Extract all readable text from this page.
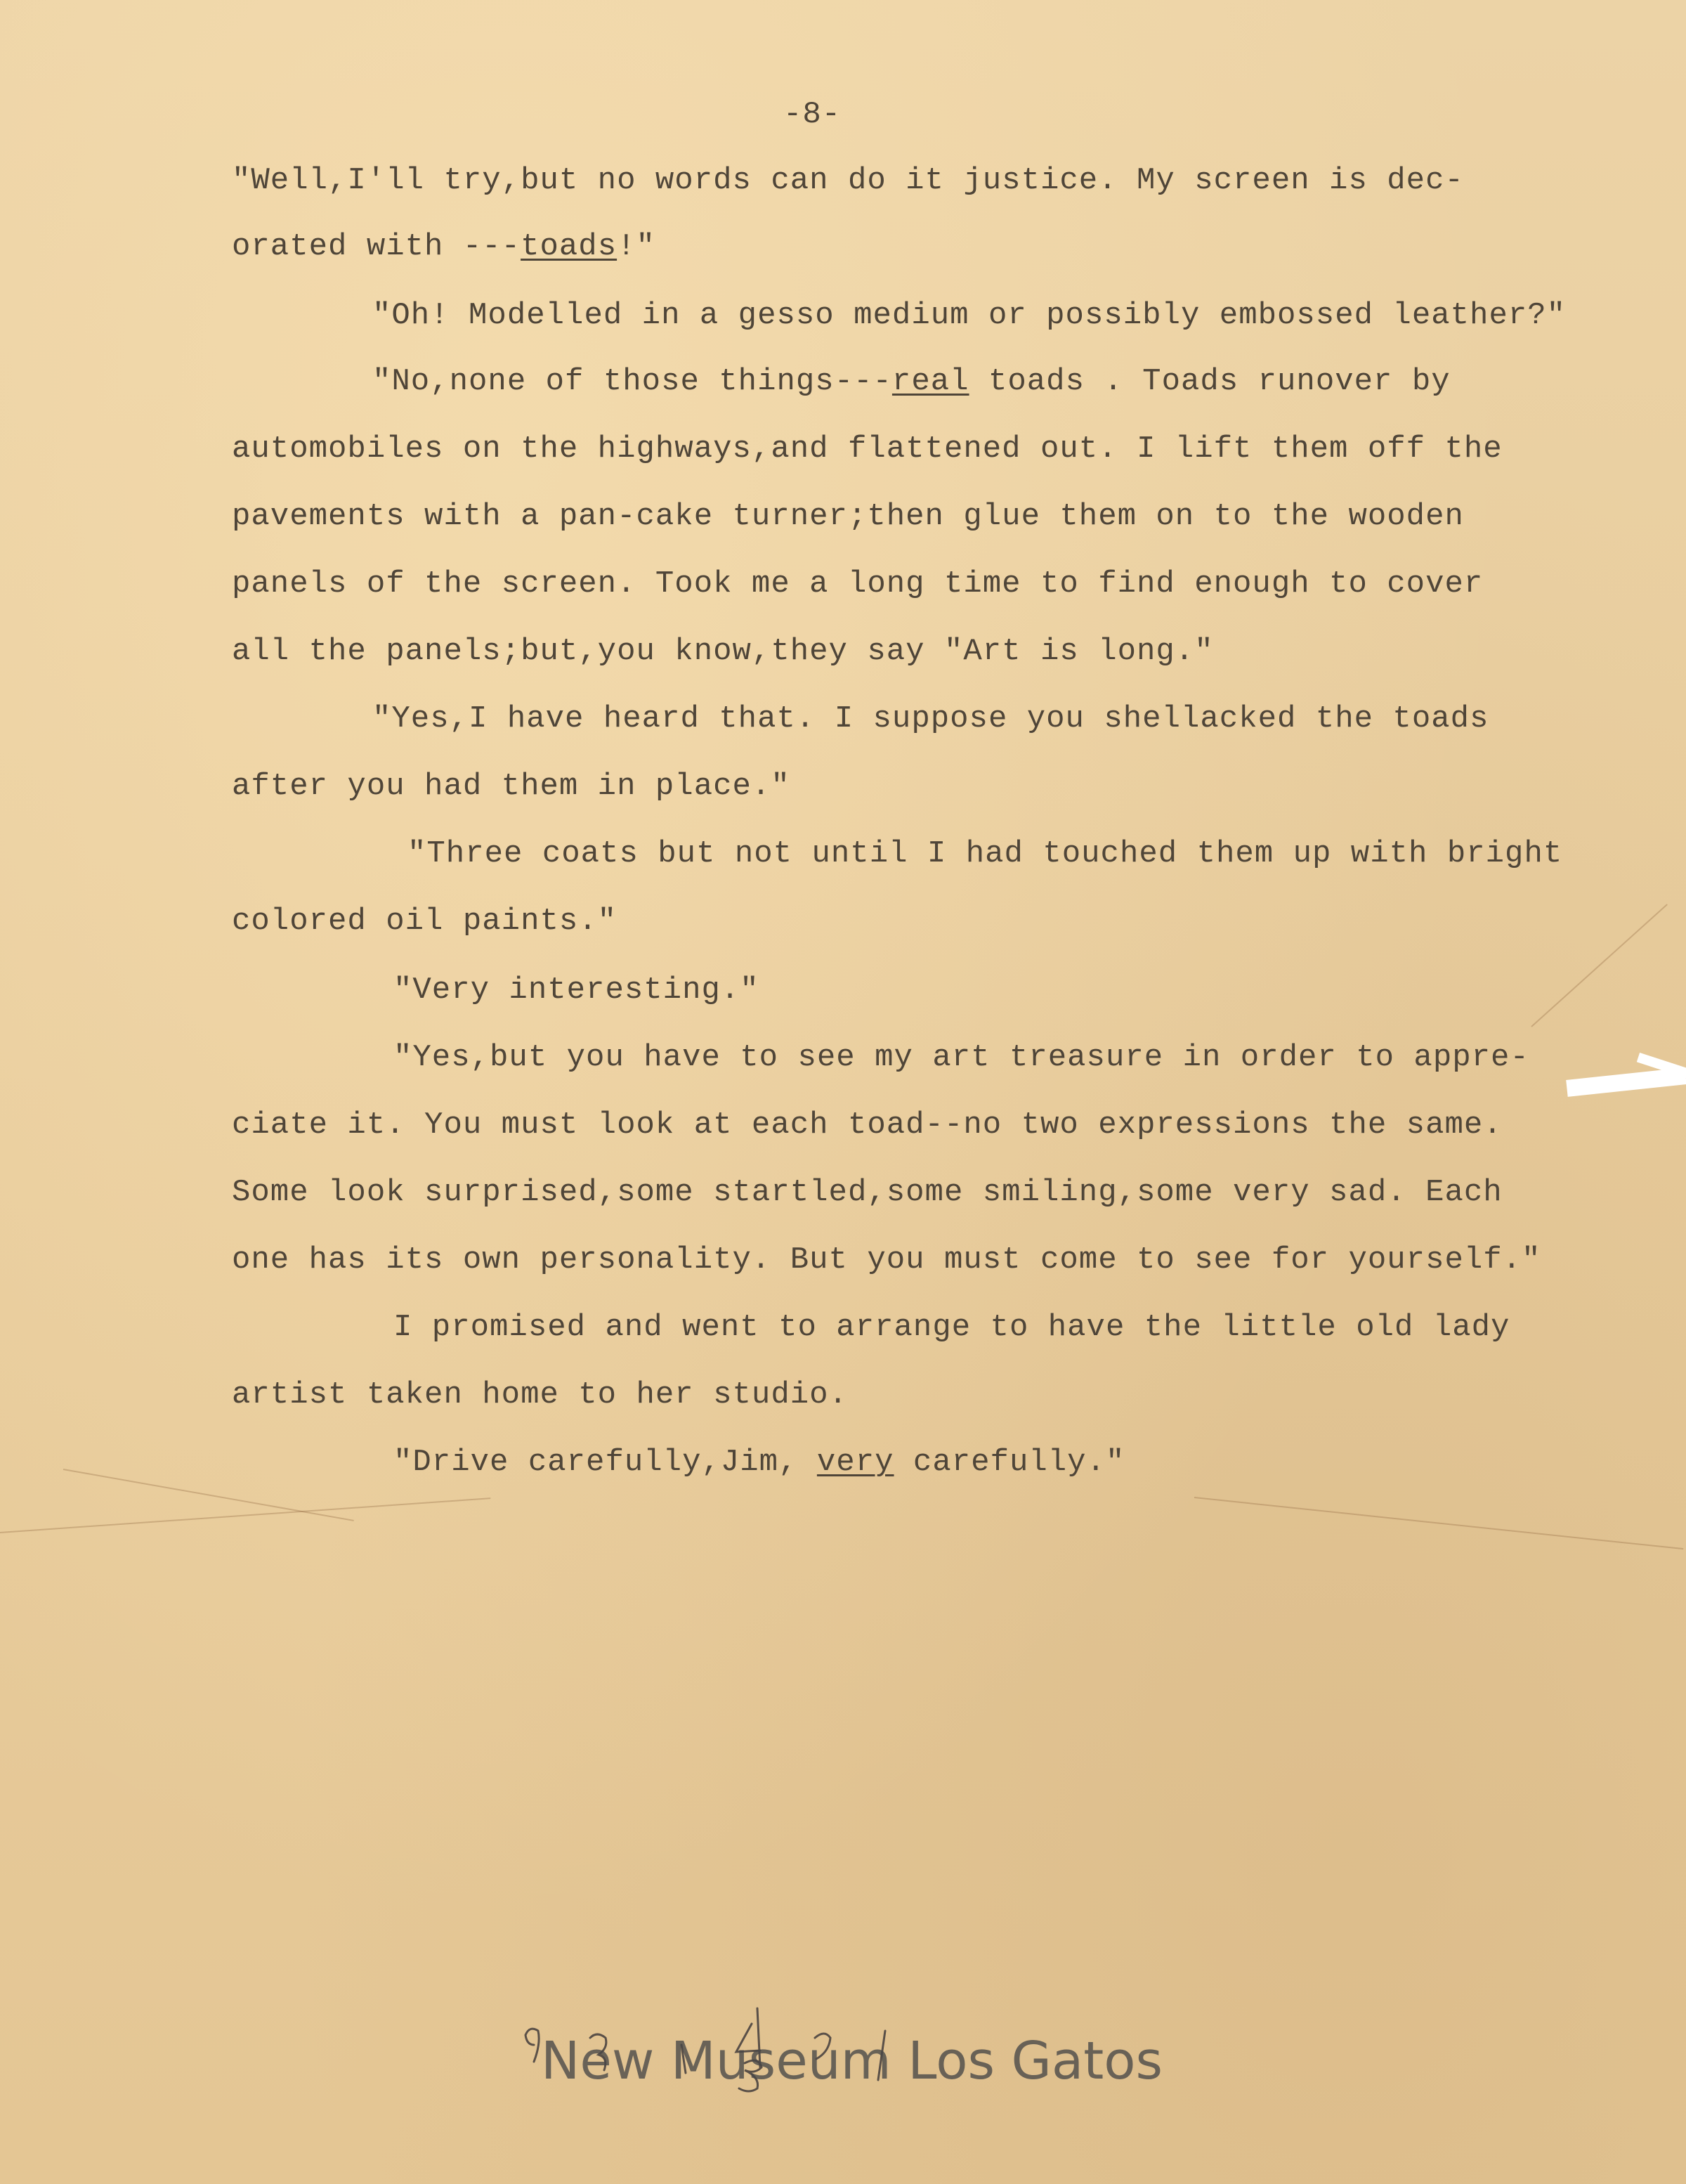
-8-

"Well,I'll try,but no words can do it justice. My screen is dec-
orated with ---toads!"
"Oh! Modelled in a gesso medium or possibly embossed leather?"
"No,none of those things---real toads . Toads runover by
automobiles on the highways,and flattened out. I lift them off the
pavements with a pan-cake turner;then glue them on to the wooden
panels of the screen. Took me a long time to find enough to cover
all the panels;but,you know,they say "Art is long."
"Yes,I have heard that. I suppose you shellacked the toads
after you had them in place."
"Three coats but not until I had touched them up with bright
colored oil paints."
"Very interesting."
"Yes,but you have to see my art treasure in order to appre-
ciate it. You must look at each toad--no two expressions the same.
Some look surprised,some startled,some smiling,some very sad. Each
one has its own personality. But you must come to see for yourself."
I promised and went to arrange to have the little old lady
artist taken home to her studio.
"Drive carefully,Jim, very carefully."
New Museum Los Gatos
